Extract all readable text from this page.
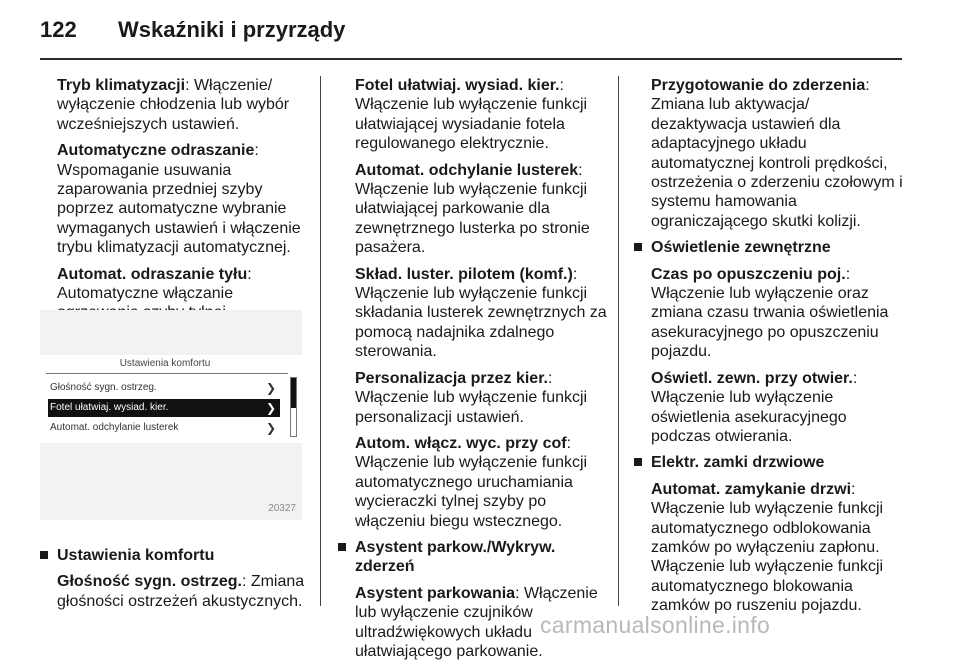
122	Wskaźniki i przyrządy
Tryb klimatyzacji: Włączenie/ wyłączenie chłodzenia lub wybór wcześniejszych ustawień.
Automatyczne odraszanie:
Wspomaganie usuwania zaparowania przedniej szyby poprzez automatyczne wybranie wymaganych ustawień i włączenie trybu klimatyzacji automatycznej.
Automat. odraszanie tyłu:
Automatyczne włączanie
Ustawienia komfortu
Głośność sygn. ostrzeg.: Zmiana głośności ostrzeżeń akustycznych.
Ustawienia komfortu
Głośność sygn. ostrzeg.	❯
Fotel ułatwiaj. wysiad. kier.	❯
Automat. odchylanie lusterek	❯
20327
Fotel ułatwiaj. wysiad. kier.:
Włączenie lub wyłączenie funkcji ułatwiającej wysiadanie fotela regulowanego elektrycznie.
Automat. odchylanie lusterek:
Włączenie lub wyłączenie funkcji ułatwiającej parkowanie dla zewnętrznego lusterka po stronie pasażera.
Skład. luster. pilotem (komf.):
Włączenie lub wyłączenie funkcji składania lusterek zewnętrznych za pomocą nadajnika zdalnego sterowania.
Personalizacja przez kier.:
Włączenie lub wyłączenie funkcji personalizacji ustawień.
Autom. włącz. wyc. przy cof:
Włączenie lub wyłączenie funkcji automatycznego uruchamiania wycieraczki tylnej szyby po włączeniu biegu wstecznego.
Asystent parkow./Wykryw. zderzeń
Asystent parkowania: Włączenie lub wyłączenie czujników ultradźwiękowych układu ułatwiającego parkowanie.
Przygotowanie do zderzenia:
Zmiana lub aktywacja/ dezaktywacja ustawień dla adaptacyjnego układu automatycznej kontroli prędkości, ostrzeżenia o zderzeniu czołowym i systemu hamowania ograniczającego skutki kolizji.
Oświetlenie zewnętrzne
Czas po opuszczeniu poj.:
Włączenie lub wyłączenie oraz zmiana czasu trwania oświetlenia asekuracyjnego po opuszczeniu pojazdu.
Oświetl. zewn. przy otwier.:
Włączenie lub wyłączenie oświetlenia asekuracyjnego podczas otwierania.
Elektr. zamki drzwiowe
Automat. zamykanie drzwi:
Włączenie lub wyłączenie funkcji automatycznego odblokowania zamków po wyłączeniu zapłonu. Włączenie lub wyłączenie funkcji automatycznego blokowania zamków po ruszeniu pojazdu.
carmanualsonline.info
